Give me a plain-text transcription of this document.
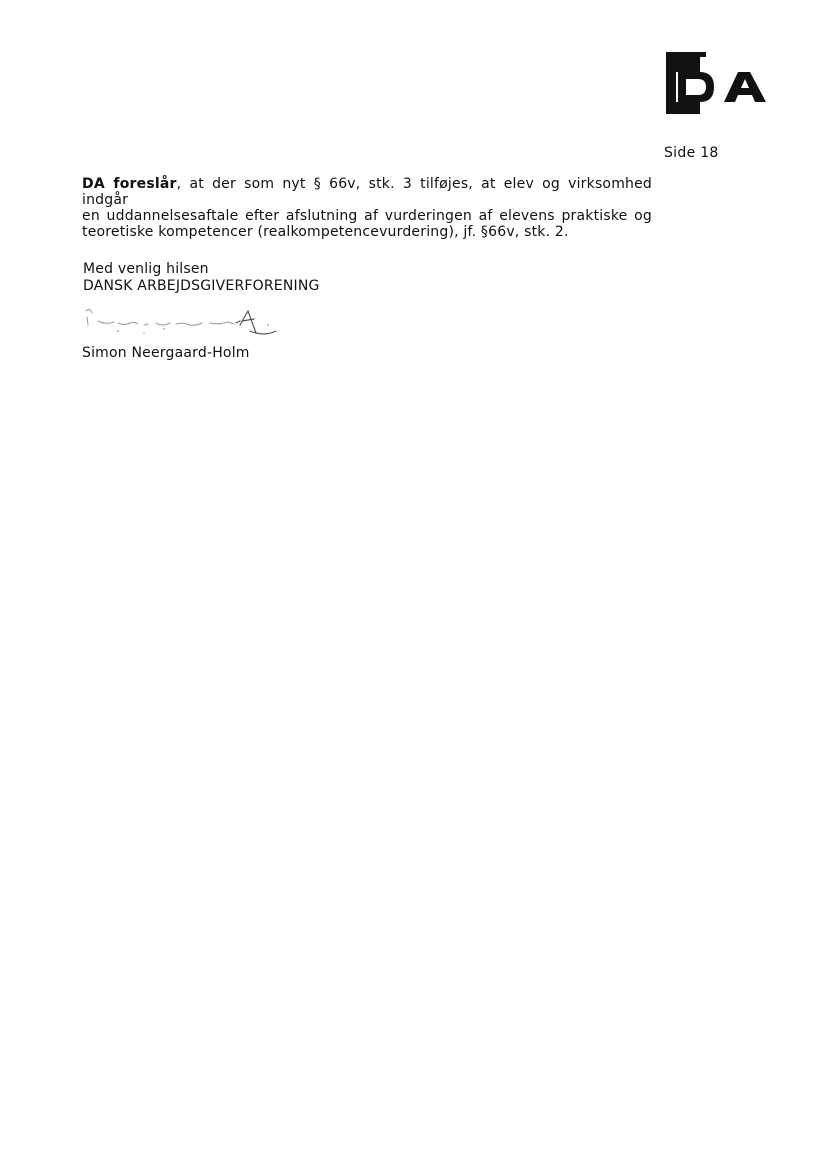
Side 18
DA foreslår, at der som nyt § 66v, stk. 3 tilføjes, at elev og virksomhed indgår
en uddannelsesaftale efter afslutning af vurderingen af elevens praktiske og
teoretiske kompetencer (realkompetencevurdering), jf. §66v, stk. 2.
Med venlig hilsen
DANSK ARBEJDSGIVERFORENING
Simon Neergaard-Holm
